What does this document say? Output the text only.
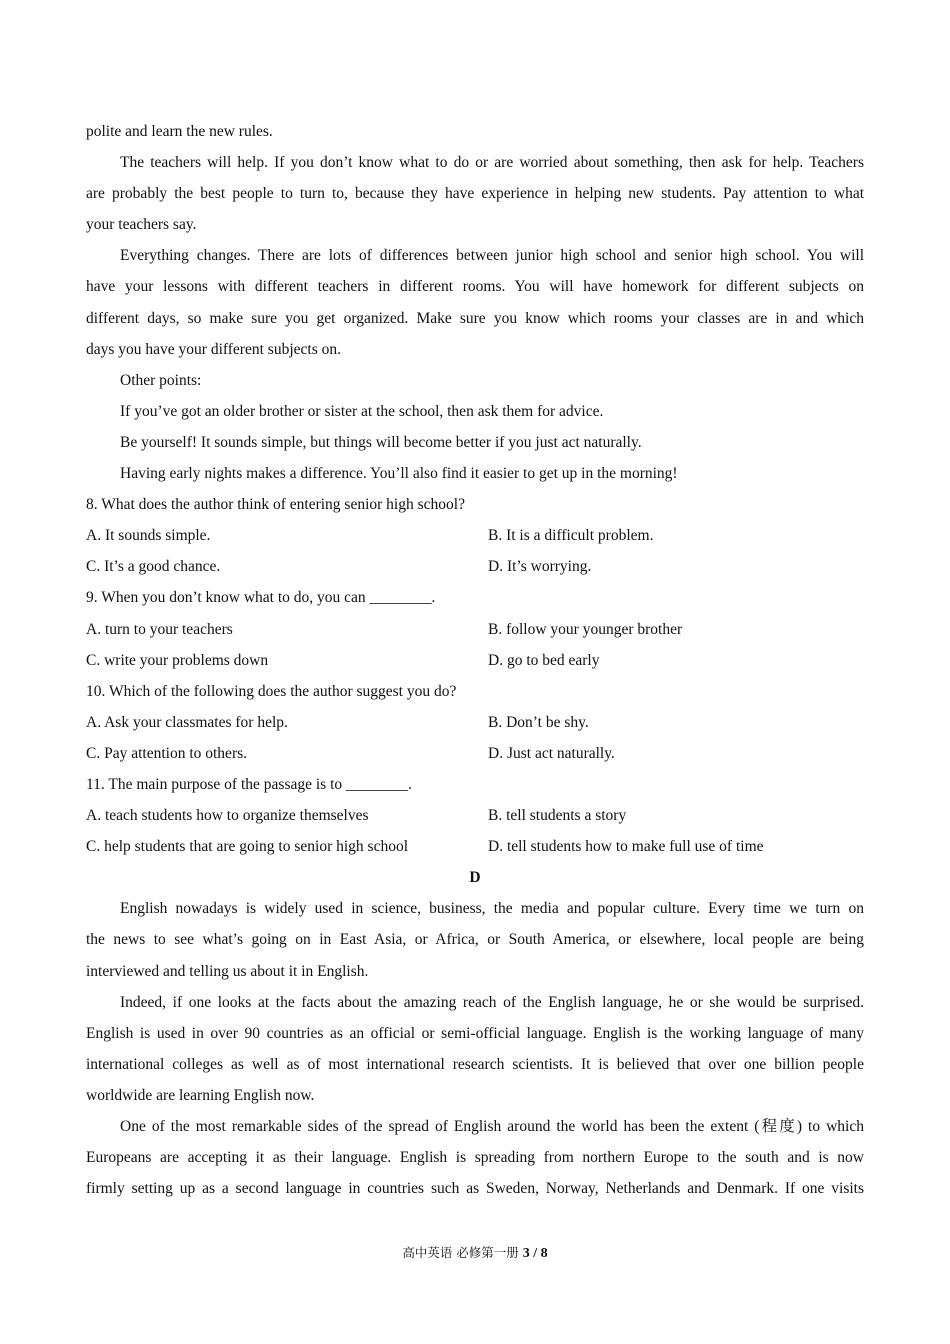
polite and learn the new rules.
The teachers will help. If you don’t know what to do or are worried about something, then ask for help. Teachers
are probably the best people to turn to, because they have experience in helping new students. Pay attention to what
your teachers say.
Everything changes. There are lots of differences between junior high school and senior high school. You will
have your lessons with different teachers in different rooms. You will have homework for different subjects on
different days, so make sure you get organized. Make sure you know which rooms your classes are in and which
days you have your different subjects on.
Other points:
If you’ve got an older brother or sister at the school, then ask them for advice.
Be yourself! It sounds simple, but things will become better if you just act naturally.
Having early nights makes a difference. You’ll also find it easier to get up in the morning!
8. What does the author think of entering senior high school?
A. It sounds simple.	B. It is a difficult problem.
C. It’s a good chance.	D. It’s worrying.
9. When you don’t know what to do, you can ________.
A. turn to your teachers	B. follow your younger brother
C. write your problems down	D. go to bed early
10. Which of the following does the author suggest you do?
A. Ask your classmates for help.	B. Don’t be shy.
C. Pay attention to others.	D. Just act naturally.
11. The main purpose of the passage is to ________.
A. teach students how to organize themselves	B. tell students a story
C. help students that are going to senior high school	D. tell students how to make full use of time
D
English nowadays is widely used in science, business, the media and popular culture. Every time we turn on
the news to see what’s going on in East Asia, or Africa, or South America, or elsewhere, local people are being
interviewed and telling us about it in English.
Indeed, if one looks at the facts about the amazing reach of the English language, he or she would be surprised.
English is used in over 90 countries as an official or semi-official language. English is the working language of many
international colleges as well as of most international research scientists. It is believed that over one billion people
worldwide are learning English now.
One of the most remarkable sides of the spread of English around the world has been the extent (程度) to which
Europeans are accepting it as their language. English is spreading from northern Europe to the south and is now
firmly setting up as a second language in countries such as Sweden, Norway, Netherlands and Denmark. If one visits
高中英语 必修第一册 3 / 8
